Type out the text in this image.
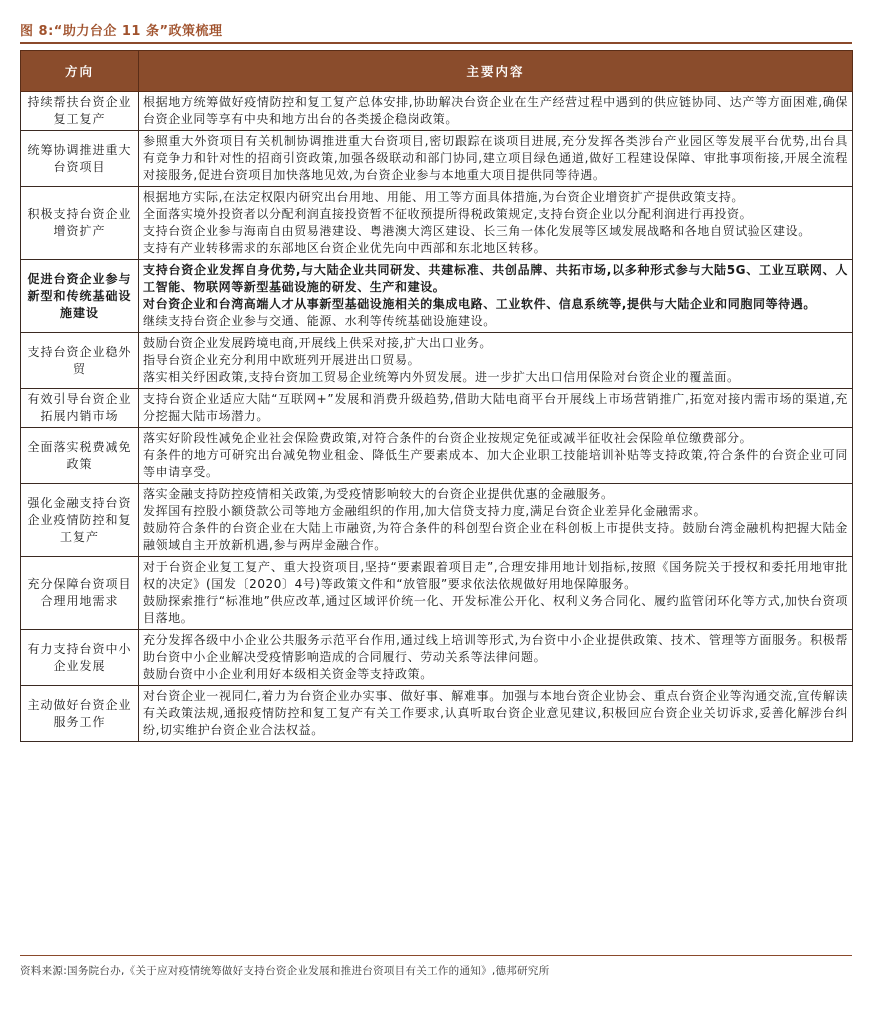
图 8:“助力台企 11 条”政策梳理
方向	主要内容
持续帮扶台资企业复工复产	根据地方统筹做好疫情防控和复工复产总体安排,协助解决台资企业在生产经营过程中遇到的供应链协同、达产等方面困难,确保台资企业同等享有中央和地方出台的各类援企稳岗政策。

统筹协调推进重大台资项目	参照重大外资项目有关机制协调推进重大台资项目,密切跟踪在谈项目进展,充分发挥各类涉台产业园区等发展平台优势,出台具有竞争力和针对性的招商引资政策,加强各级联动和部门协同,建立项目绿色通道,做好工程建设保障、审批事项衔接,开展全流程对接服务,促进台资项目加快落地见效,为台资企业参与本地重大项目提供同等待遇。

积极支持台资企业增资扩产	根据地方实际,在法定权限内研究出台用地、用能、用工等方面具体措施,为台资企业增资扩产提供政策支持。
全面落实境外投资者以分配利润直接投资暂不征收预提所得税政策规定,支持台资企业以分配利润进行再投资。
支持台资企业参与海南自由贸易港建设、粤港澳大湾区建设、长三角一体化发展等区域发展战略和各地自贸试验区建设。
支持有产业转移需求的东部地区台资企业优先向中西部和东北地区转移。

促进台资企业参与新型和传统基础设施建设	支持台资企业发挥自身优势,与大陆企业共同研发、共建标准、共创品牌、共拓市场,以多种形式参与大陆5G、工业互联网、人工智能、物联网等新型基础设施的研发、生产和建设。
对台资企业和台湾高端人才从事新型基础设施相关的集成电路、工业软件、信息系统等,提供与大陆企业和同胞同等待遇。
继续支持台资企业参与交通、能源、水利等传统基础设施建设。

支持台资企业稳外贸	鼓励台资企业发展跨境电商,开展线上供采对接,扩大出口业务。
指导台资企业充分利用中欧班列开展进出口贸易。
落实相关纾困政策,支持台资加工贸易企业统筹内外贸发展。进一步扩大出口信用保险对台资企业的覆盖面。

有效引导台资企业拓展内销市场	支持台资企业适应大陆“互联网+”发展和消费升级趋势,借助大陆电商平台开展线上市场营销推广,拓宽对接内需市场的渠道,充分挖掘大陆市场潜力。

全面落实税费减免政策	落实好阶段性减免企业社会保险费政策,对符合条件的台资企业按规定免征或减半征收社会保险单位缴费部分。
有条件的地方可研究出台减免物业租金、降低生产要素成本、加大企业职工技能培训补贴等支持政策,符合条件的台资企业可同等申请享受。

强化金融支持台资企业疫情防控和复工复产	落实金融支持防控疫情相关政策,为受疫情影响较大的台资企业提供优惠的金融服务。
发挥国有控股小额贷款公司等地方金融组织的作用,加大信贷支持力度,满足台资企业差异化金融需求。
鼓励符合条件的台资企业在大陆上市融资,为符合条件的科创型台资企业在科创板上市提供支持。鼓励台湾金融机构把握大陆金融领域自主开放新机遇,参与两岸金融合作。

充分保障台资项目合理用地需求	对于台资企业复工复产、重大投资项目,坚持“要素跟着项目走”,合理安排用地计划指标,按照《国务院关于授权和委托用地审批权的决定》(国发〔2020〕4号)等政策文件和“放管服”要求依法依规做好用地保障服务。
鼓励探索推行“标准地”供应改革,通过区域评价统一化、开发标准公开化、权利义务合同化、履约监管闭环化等方式,加快台资项目落地。

有力支持台资中小企业发展	充分发挥各级中小企业公共服务示范平台作用,通过线上培训等形式,为台资中小企业提供政策、技术、管理等方面服务。积极帮助台资中小企业解决受疫情影响造成的合同履行、劳动关系等法律问题。
鼓励台资中小企业利用好本级相关资金等支持政策。

主动做好台资企业服务工作	对台资企业一视同仁,着力为台资企业办实事、做好事、解难事。加强与本地台资企业协会、重点台资企业等沟通交流,宣传解读有关政策法规,通报疫情防控和复工复产有关工作要求,认真听取台资企业意见建议,积极回应台资企业关切诉求,妥善化解涉台纠纷,切实维护台资企业合法权益。
资料来源:国务院台办,《关于应对疫情统筹做好支持台资企业发展和推进台资项目有关工作的通知》,德邦研究所
